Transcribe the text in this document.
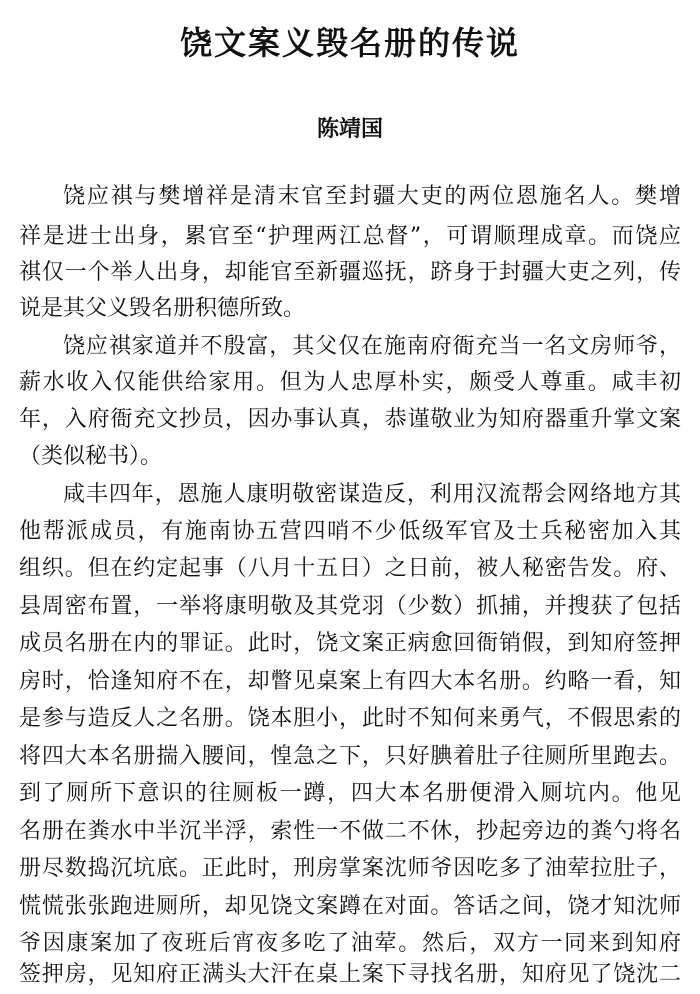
饶文案义毁名册的传说
陈靖国
饶应祺与樊增祥是清末官至封疆大吏的两位恩施名人。樊增
祥是进士出身，累官至“护理两江总督”，可谓顺理成章。而饶应
祺仅一个举人出身，却能官至新疆巡抚，跻身于封疆大吏之列，传
说是其父义毁名册积德所致。
饶应祺家道并不殷富，其父仅在施南府衙充当一名文房师爷，
薪水收入仅能供给家用。但为人忠厚朴实，颇受人尊重。咸丰初
年，入府衙充文抄员，因办事认真，恭谨敬业为知府器重升掌文案
（类似秘书）。
咸丰四年，恩施人康明敬密谋造反，利用汉流帮会网络地方其
他帮派成员，有施南协五营四哨不少低级军官及士兵秘密加入其
组织。但在约定起事（八月十五日）之日前，被人秘密告发。府、
县周密布置，一举将康明敬及其党羽（少数）抓捕，并搜获了包括
成员名册在内的罪证。此时，饶文案正病愈回衙销假，到知府签押
房时，恰逢知府不在，却瞥见桌案上有四大本名册。约略一看，知
是参与造反人之名册。饶本胆小，此时不知何来勇气，不假思索的
将四大本名册揣入腰间，惶急之下，只好腆着肚子往厕所里跑去。
到了厕所下意识的往厕板一蹲，四大本名册便滑入厕坑内。他见
名册在粪水中半沉半浮，索性一不做二不休，抄起旁边的粪勺将名
册尽数捣沉坑底。正此时，刑房掌案沈师爷因吃多了油荤拉肚子，
慌慌张张跑进厕所，却见饶文案蹲在对面。答话之间，饶才知沈师
爷因康案加了夜班后宵夜多吃了油荤。然后，双方一同来到知府
签押房，见知府正满头大汗在桌上案下寻找名册，知府见了饶沈二
